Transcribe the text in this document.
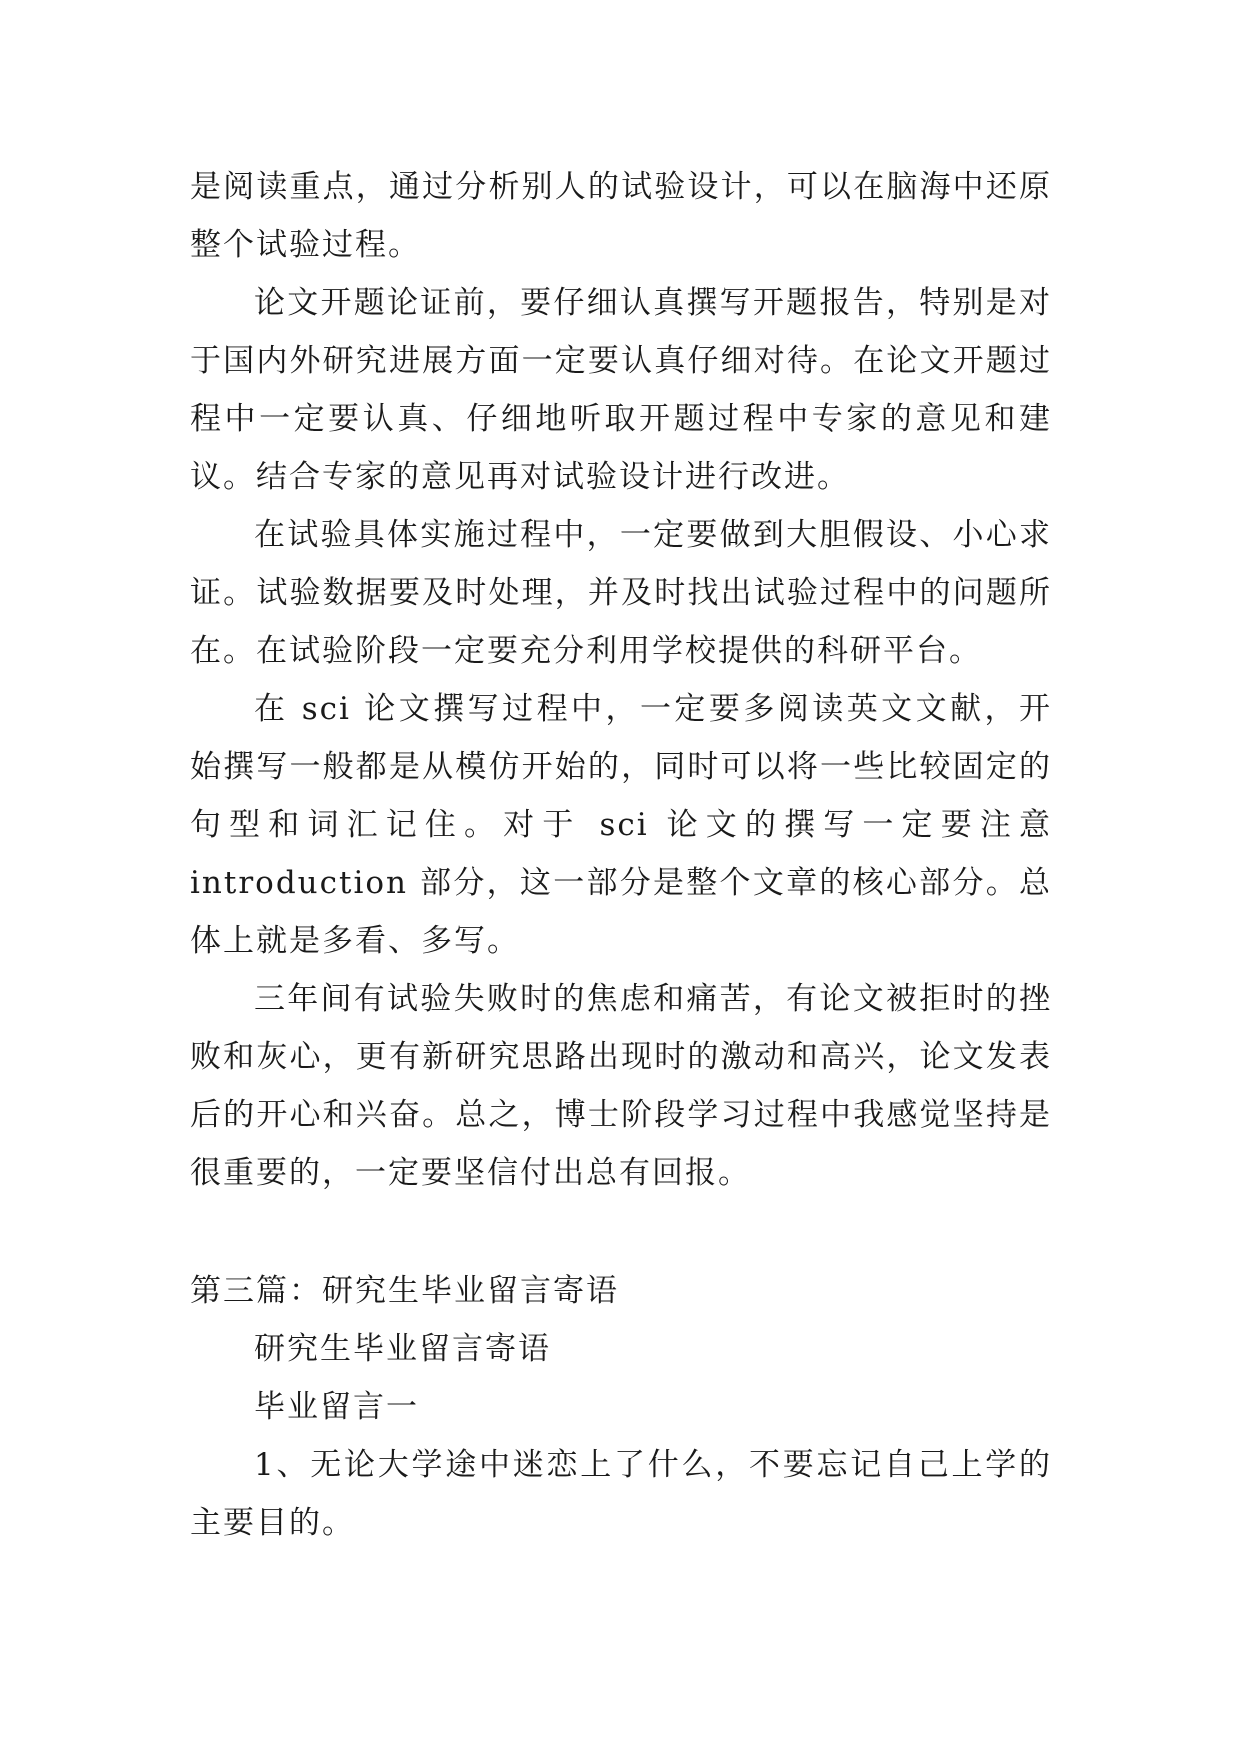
是阅读重点，通过分析别人的试验设计，可以在脑海中还原整个试验过程。

论文开题论证前，要仔细认真撰写开题报告，特别是对于国内外研究进展方面一定要认真仔细对待。在论文开题过程中一定要认真、仔细地听取开题过程中专家的意见和建议。结合专家的意见再对试验设计进行改进。

在试验具体实施过程中，一定要做到大胆假设、小心求证。试验数据要及时处理，并及时找出试验过程中的问题所在。在试验阶段一定要充分利用学校提供的科研平台。

在 sci 论文撰写过程中，一定要多阅读英文文献，开始撰写一般都是从模仿开始的，同时可以将一些比较固定的句型和词汇记住。对于 sci 论文的撰写一定要注意 introduction 部分，这一部分是整个文章的核心部分。总体上就是多看、多写。

三年间有试验失败时的焦虑和痛苦，有论文被拒时的挫败和灰心，更有新研究思路出现时的激动和高兴，论文发表后的开心和兴奋。总之，博士阶段学习过程中我感觉坚持是很重要的，一定要坚信付出总有回报。

第三篇：研究生毕业留言寄语

研究生毕业留言寄语

毕业留言一

1、无论大学途中迷恋上了什么，不要忘记自己上学的主要目的。
